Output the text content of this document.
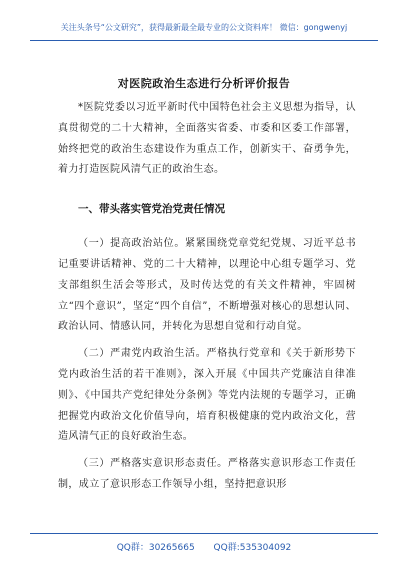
关注头条号“公文研究”，获得最新最全最专业的公文资料库！ 微信：gongwenyj
对医院政治生态进行分析评价报告

*医院党委以习近平新时代中国特色社会主义思想为指导，认真贯彻党的二十大精神，全面落实省委、市委和区委工作部署，始终把党的政治生态建设作为重点工作，创新实干、奋勇争先，着力打造医院风清气正的政治生态。

一、带头落实管党治党责任情况

（一）提高政治站位。紧紧围绕党章党纪党规、习近平总书记重要讲话精神、党的二十大精神，以理论中心组专题学习、党支部组织生活会等形式，及时传达党的有关文件精神，牢固树立“四个意识”，坚定“四个自信”，不断增强对核心的思想认同、政治认同、情感认同，并转化为思想自觉和行动自觉。

（二）严肃党内政治生活。严格执行党章和《关于新形势下党内政治生活的若干准则》，深入开展《中国共产党廉洁自律准则》、《中国共产党纪律处分条例》等党内法规的专题学习，正确把握党内政治文化价值导向，培育积极健康的党内政治文化，营造风清气正的良好政治生态。

（三）严格落实意识形态责任。严格落实意识形态工作责任制，成立了意识形态工作领导小组，坚持把意识形

QQ群：30265665 QQ群:535304092
